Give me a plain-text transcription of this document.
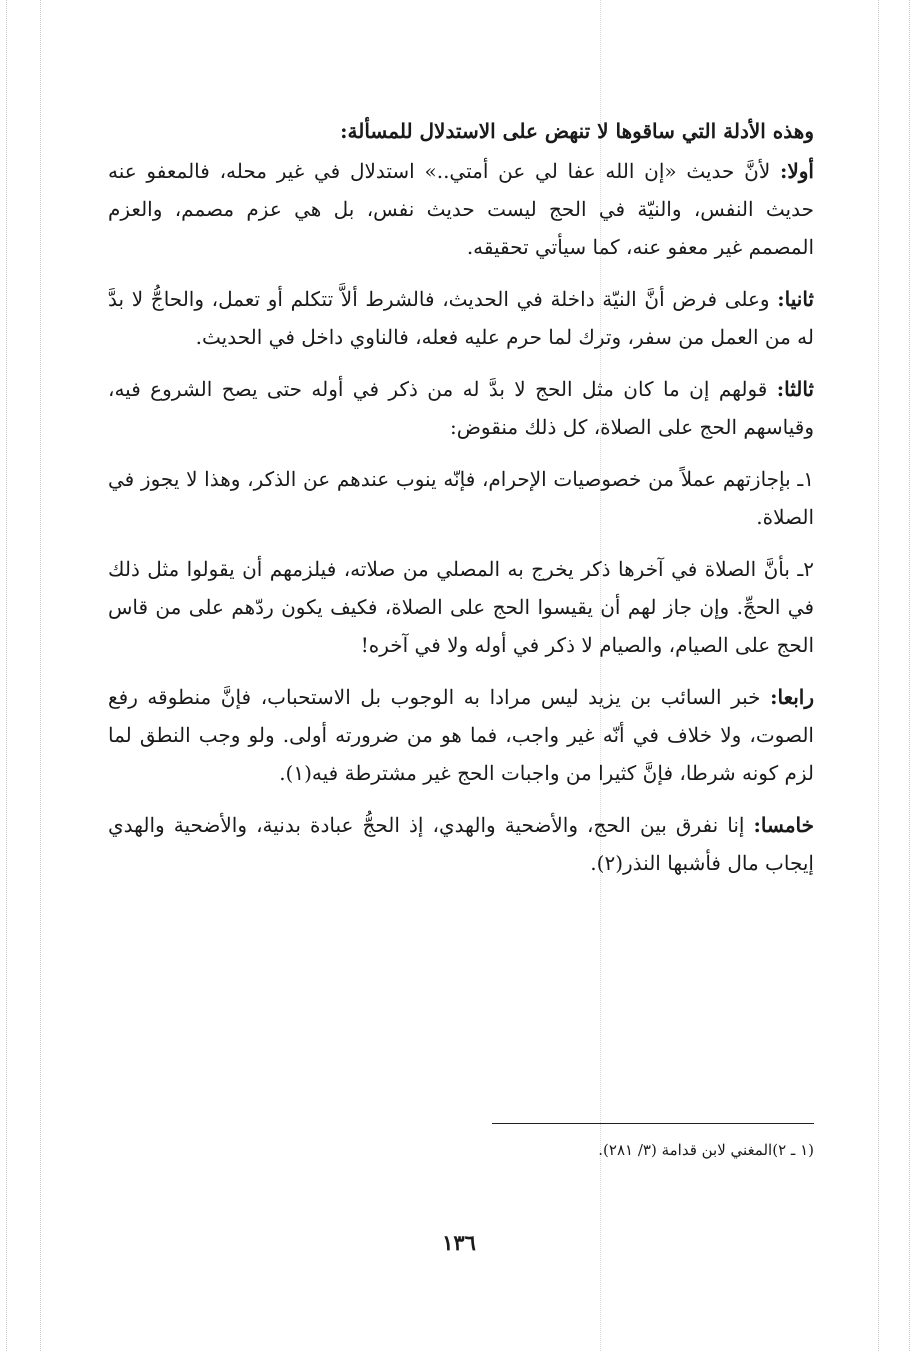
وهذه الأدلة التي ساقوها لا تنهض على الاستدلال للمسألة:

أولا: لأنَّ حديث «إن الله عفا لي عن أمتي..» استدلال في غير محله، فالمعفو عنه حديث النفس، والنيّة في الحج ليست حديث نفس، بل هي عزم مصمم، والعزم المصمم غير معفو عنه، كما سيأتي تحقيقه.

ثانيا: وعلى فرض أنَّ النيّة داخلة في الحديث، فالشرط ألاَّ تتكلم أو تعمل، والحاجُّ لا بدَّ له من العمل من سفر، وترك لما حرم عليه فعله، فالناوي داخل في الحديث.

ثالثا: قولهم إن ما كان مثل الحج لا بدَّ له من ذكر في أوله حتى يصح الشروع فيه، وقياسهم الحج على الصلاة، كل ذلك منقوض:

١ـ بإجازتهم عملاً من خصوصيات الإحرام، فإنّه ينوب عندهم عن الذكر، وهذا لا يجوز في الصلاة.

٢ـ بأنَّ الصلاة في آخرها ذكر يخرج به المصلي من صلاته، فيلزمهم أن يقولوا مثل ذلك في الحجِّ. وإن جاز لهم أن يقيسوا الحج على الصلاة، فكيف يكون ردّهم على من قاس الحج على الصيام، والصيام لا ذكر في أوله ولا في آخره!

رابعا: خبر السائب بن يزيد ليس مرادا به الوجوب بل الاستحباب، فإنَّ منطوقه رفع الصوت، ولا خلاف في أنّه غير واجب، فما هو من ضرورته أولى. ولو وجب النطق لما لزم كونه شرطا، فإنَّ كثيرا من واجبات الحج غير مشترطة فيه(١).

خامسا: إنا نفرق بين الحج، والأضحية والهدي، إذ الحجُّ عبادة بدنية، والأضحية والهدي إيجاب مال فأشبها النذر(٢).

(١ ـ ٢)المغني لابن قدامة (٣/ ٢٨١).
١٣٦
